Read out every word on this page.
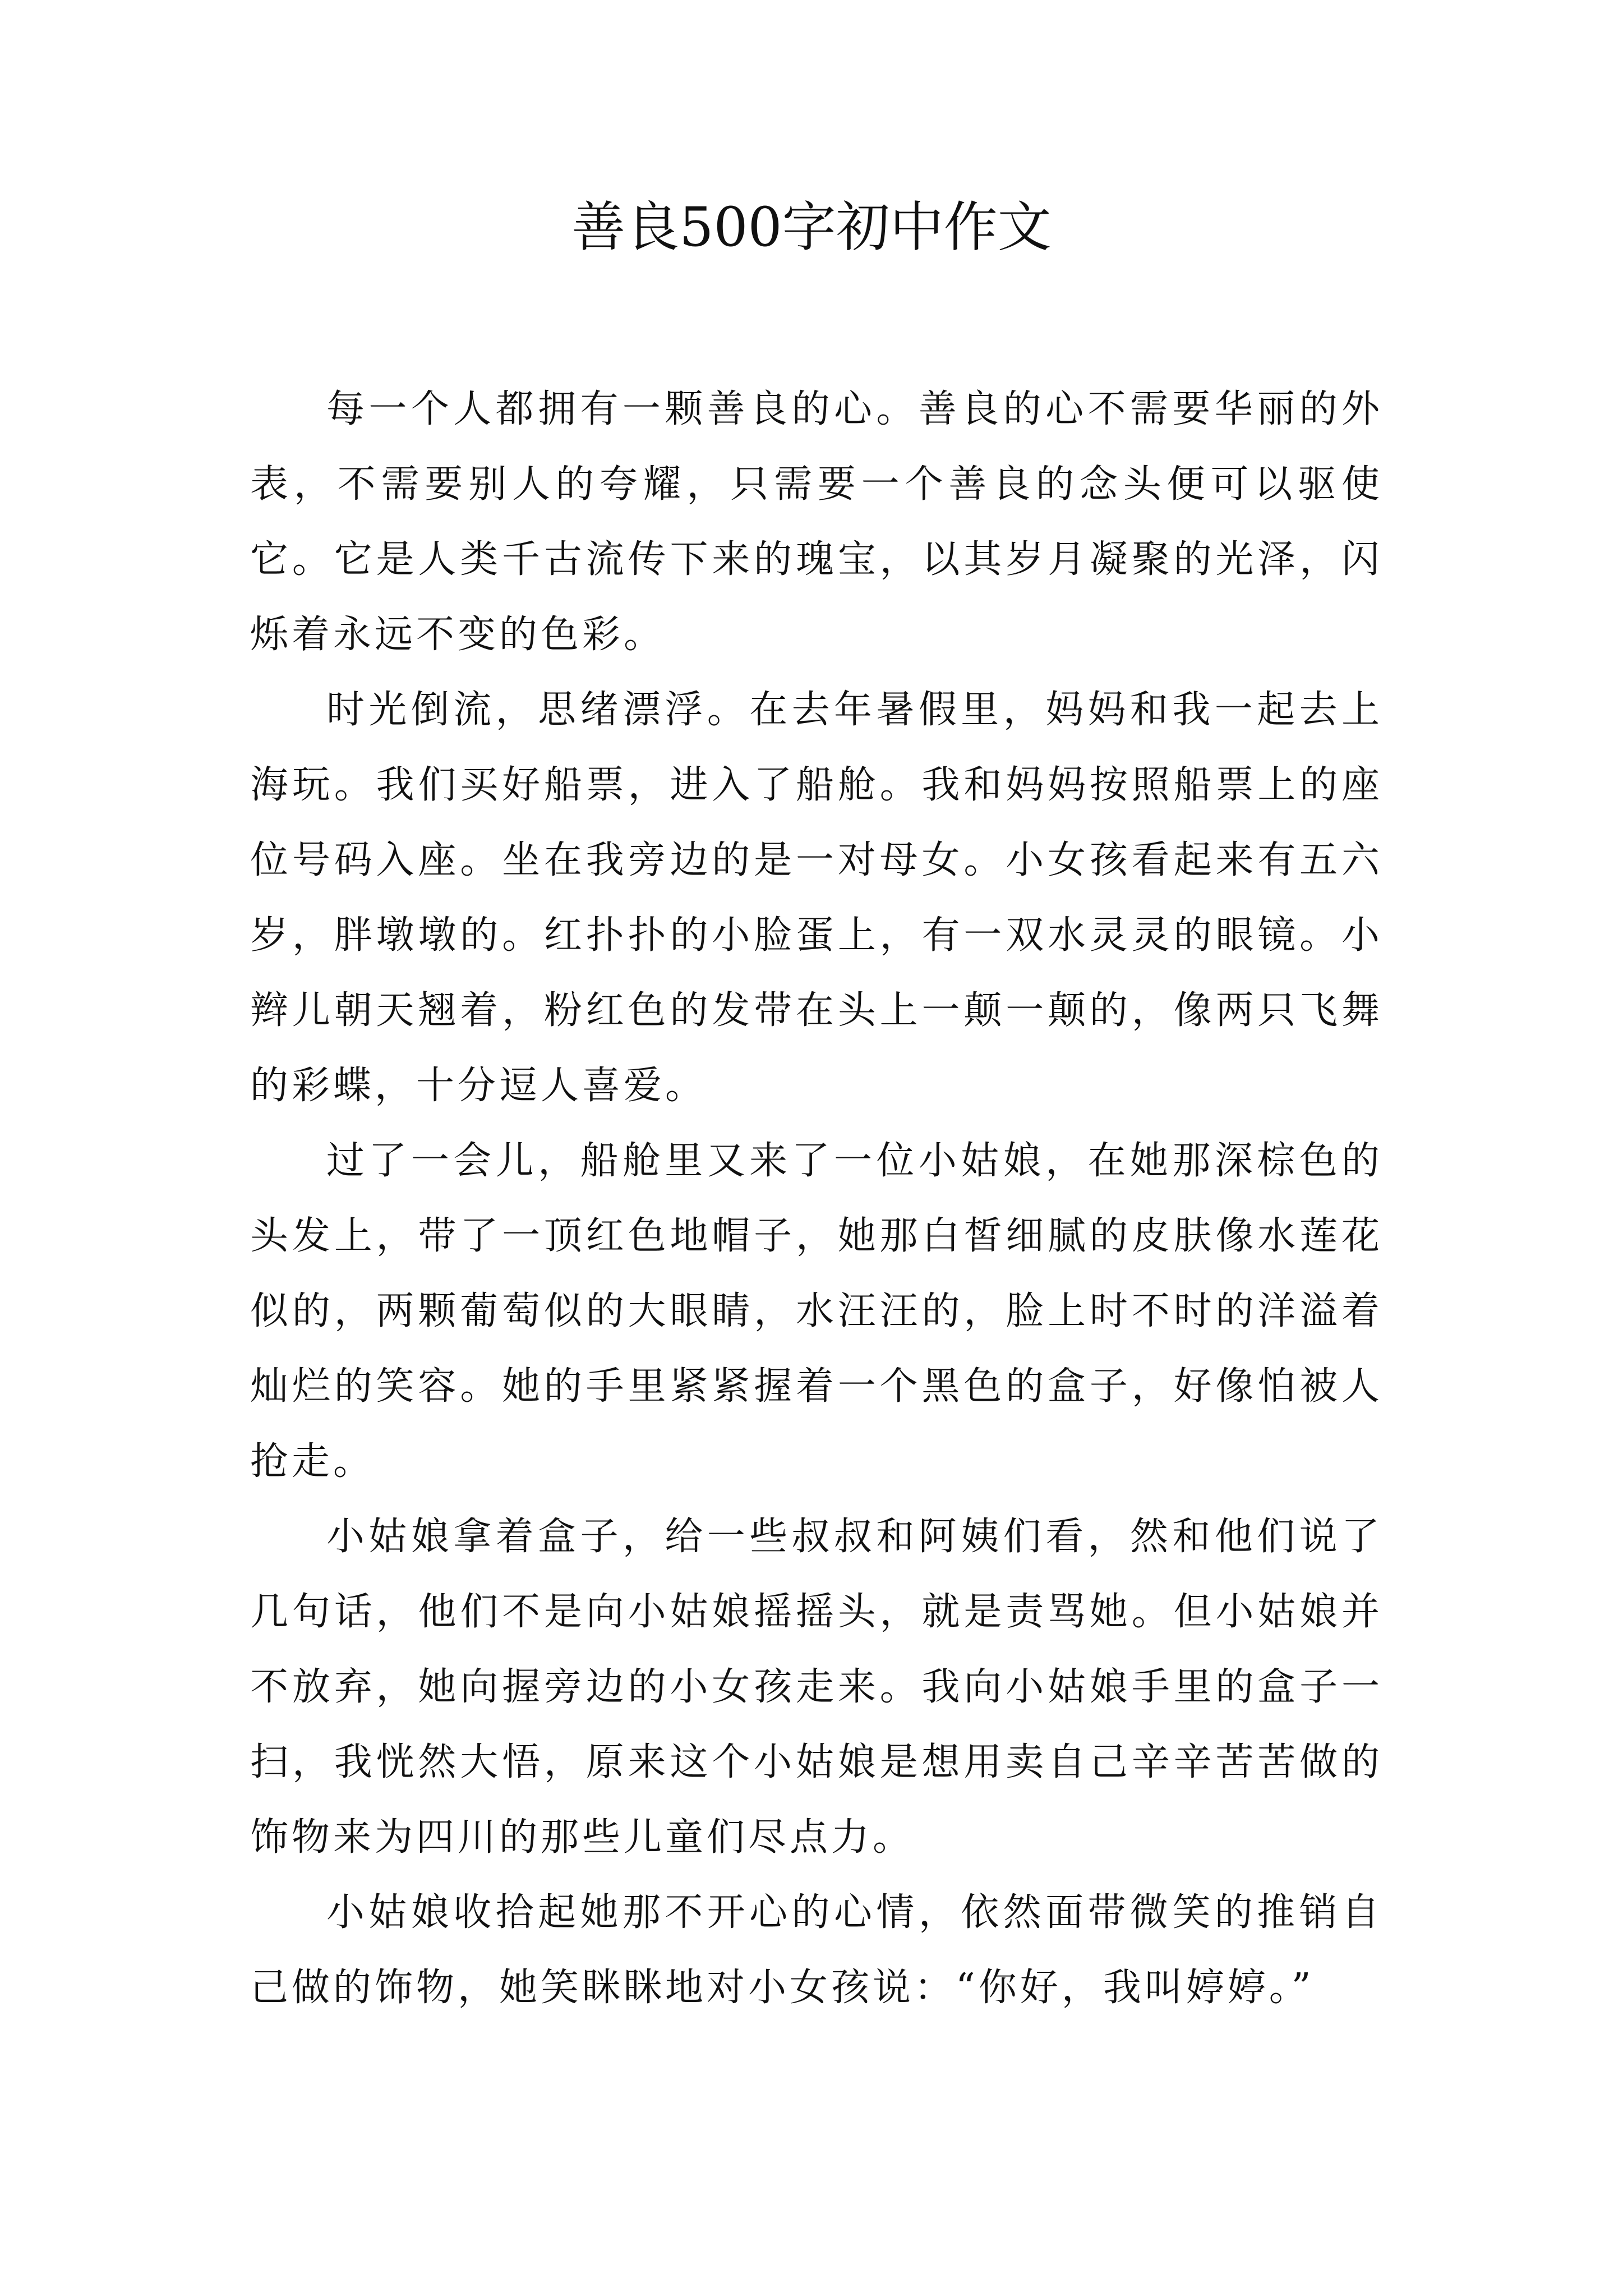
善良500字初中作文

每一个人都拥有一颗善良的心。善良的心不需要华丽的外表，不需要别人的夸耀，只需要一个善良的念头便可以驱使它。它是人类千古流传下来的瑰宝，以其岁月凝聚的光泽，闪烁着永远不变的色彩。

时光倒流，思绪漂浮。在去年暑假里，妈妈和我一起去上海玩。我们买好船票，进入了船舱。我和妈妈按照船票上的座位号码入座。坐在我旁边的是一对母女。小女孩看起来有五六岁，胖墩墩的。红扑扑的小脸蛋上，有一双水灵灵的眼镜。小辫儿朝天翘着，粉红色的发带在头上一颠一颠的，像两只飞舞的彩蝶，十分逗人喜爱。

过了一会儿，船舱里又来了一位小姑娘，在她那深棕色的头发上，带了一顶红色地帽子，她那白皙细腻的皮肤像水莲花似的，两颗葡萄似的大眼睛，水汪汪的，脸上时不时的洋溢着灿烂的笑容。她的手里紧紧握着一个黑色的盒子，好像怕被人抢走。

小姑娘拿着盒子，给一些叔叔和阿姨们看，然和他们说了几句话，他们不是向小姑娘摇摇头，就是责骂她。但小姑娘并不放弃，她向握旁边的小女孩走来。我向小姑娘手里的盒子一扫，我恍然大悟，原来这个小姑娘是想用卖自己辛辛苦苦做的饰物来为四川的那些儿童们尽点力。

小姑娘收拾起她那不开心的心情，依然面带微笑的推销自己做的饰物，她笑眯眯地对小女孩说：“你好，我叫婷婷。”
